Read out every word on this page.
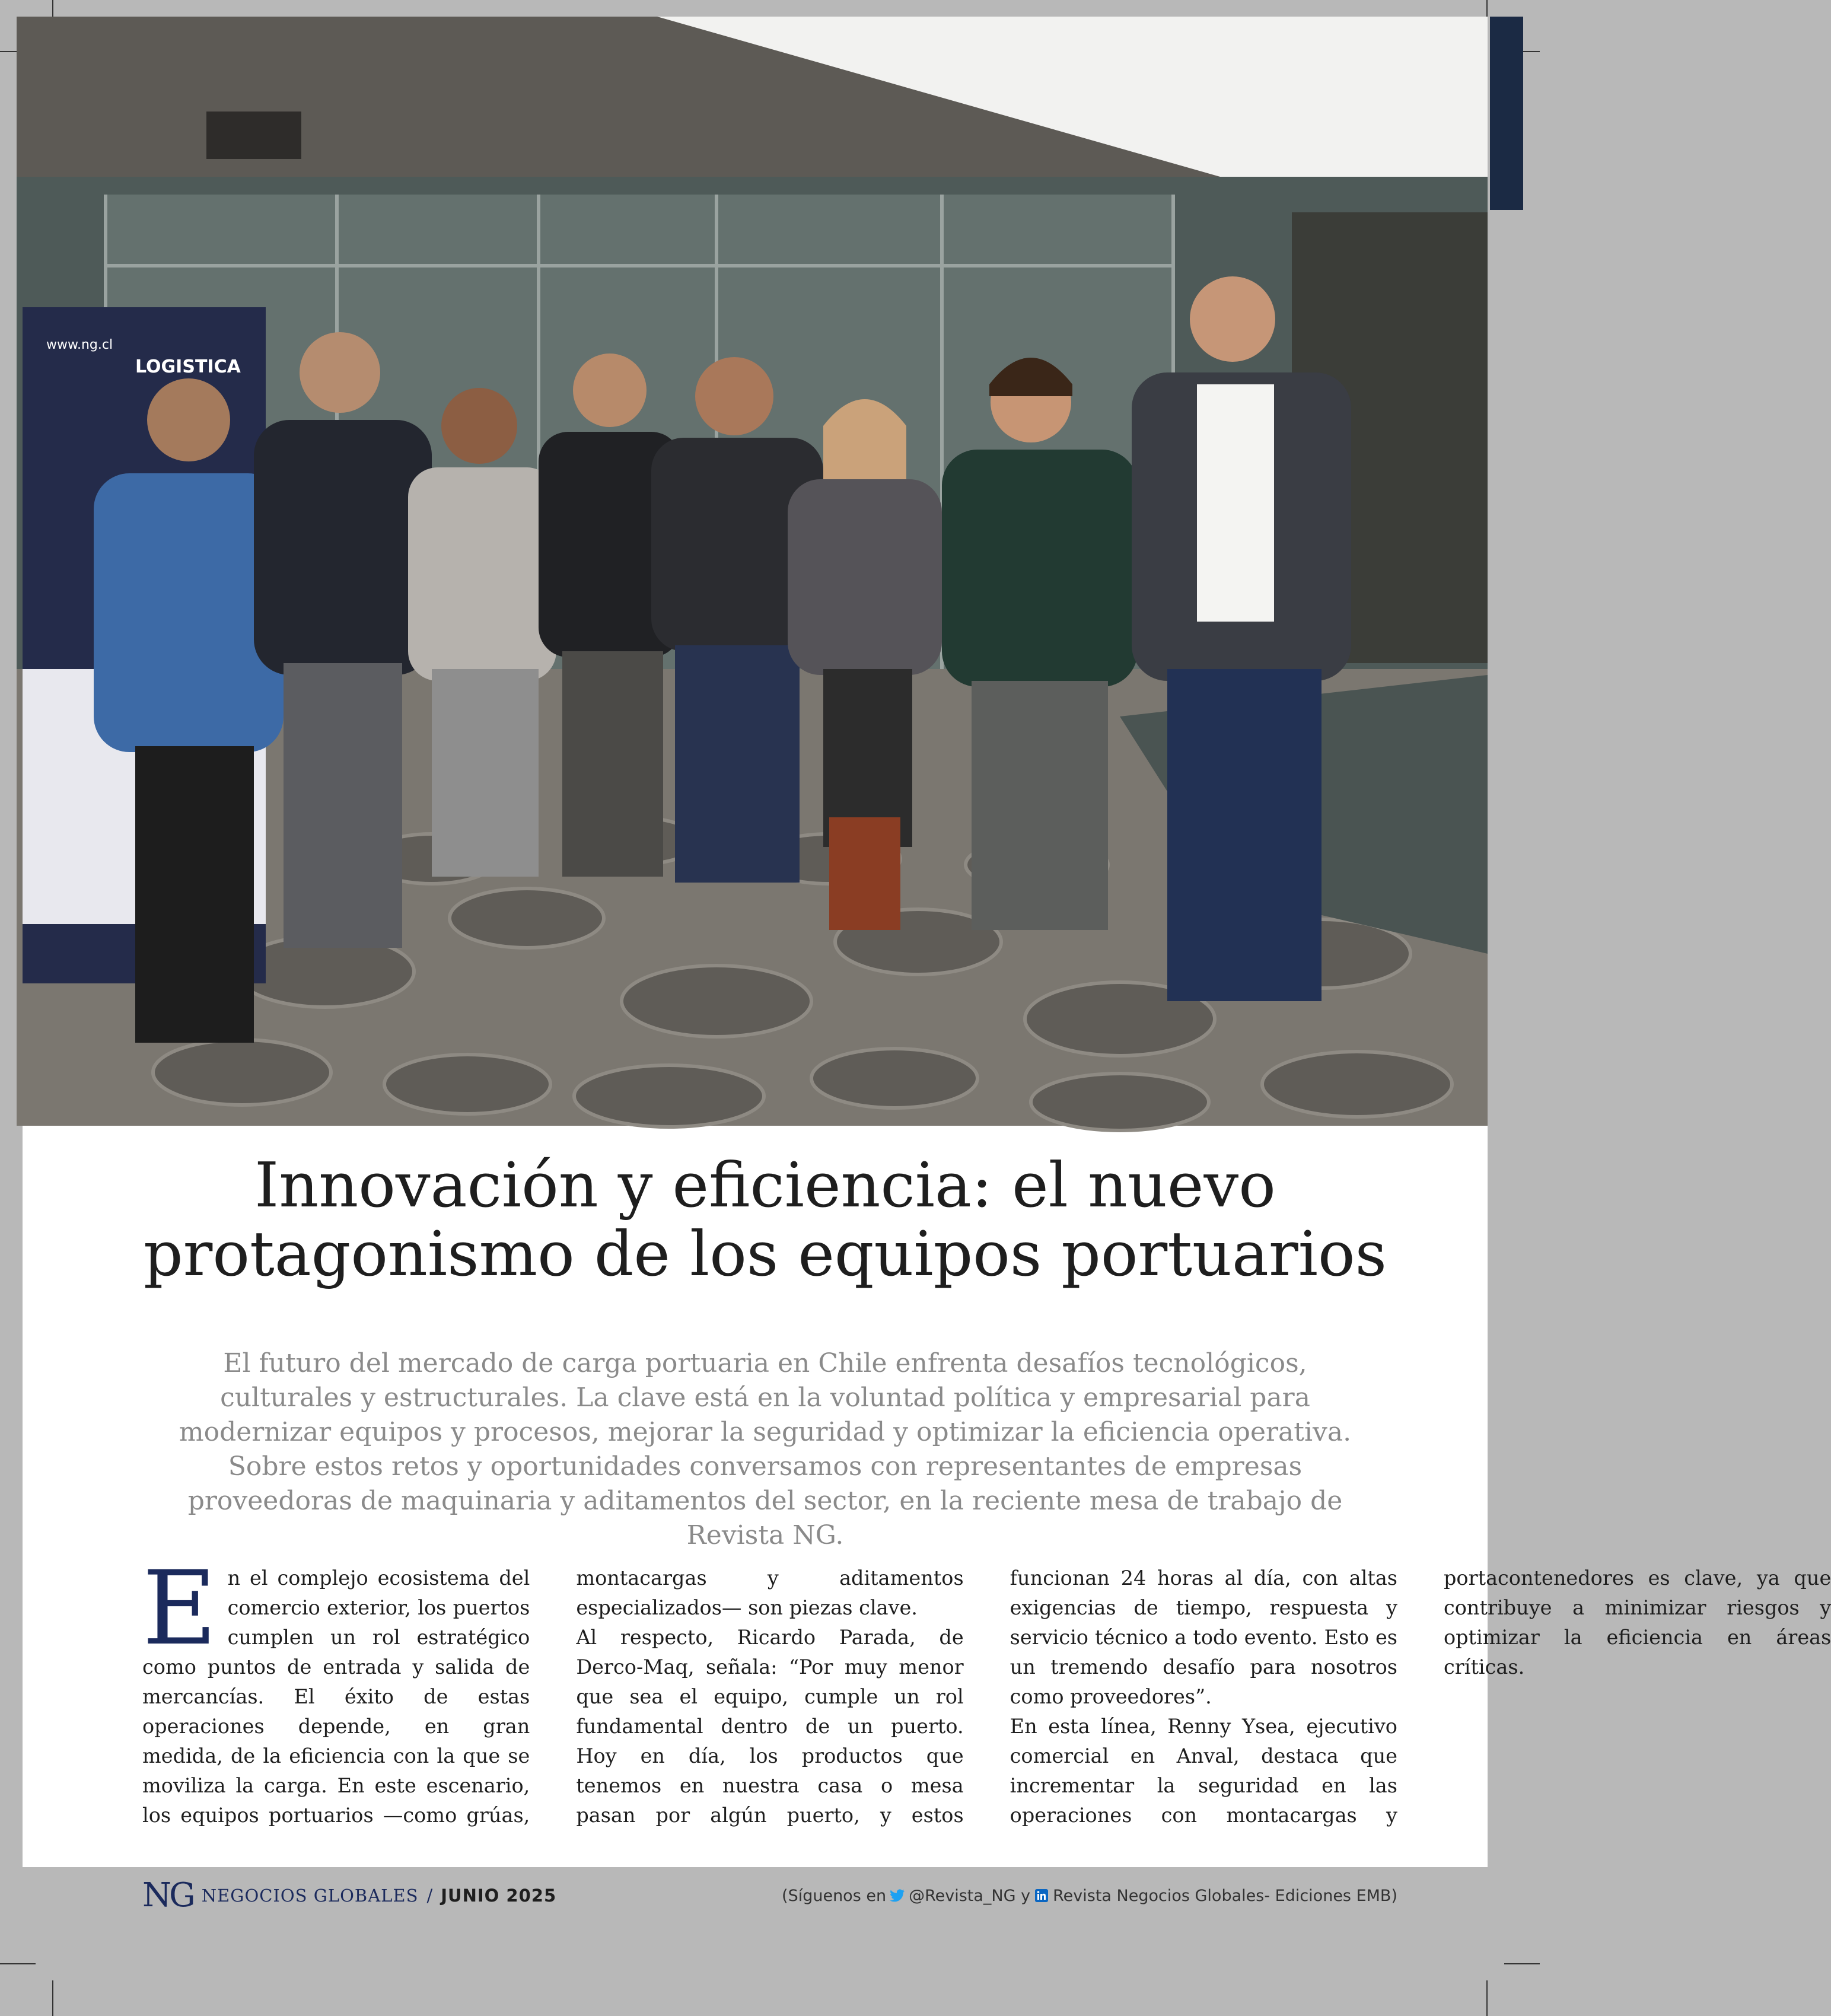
www.ng.cl
LOGISTICA
Innovación y eficiencia: el nuevo
protagonismo de los equipos portuarios

El futuro del mercado de carga portuaria en Chile enfrenta desafíos tecnológicos, culturales y estructurales. La clave está en la voluntad política y empresarial para modernizar equipos y procesos, mejorar la seguridad y optimizar la eficiencia operativa. Sobre estos retos y oportunidades conversamos con representantes de empresas proveedoras de maquinaria y aditamentos del sector, en la reciente mesa de trabajo de Revista NG.

En el complejo ecosistema del comercio exterior, los puertos cumplen un rol estratégico como puntos de entrada y salida de mercancías. El éxito de estas operaciones depende, en gran medida, de la eficiencia con la que se moviliza la carga. En este escenario, los equipos portuarios —como grúas, montacargas y aditamentos especializados— son piezas clave.

Al respecto, Ricardo Parada, de Derco-Maq, señala: “Por muy menor que sea el equipo, cumple un rol fundamental dentro de un puerto. Hoy en día, los productos que tenemos en nuestra casa o mesa pasan por algún puerto, y estos funcionan 24 horas al día, con altas exigencias de tiempo, respuesta y servicio técnico a todo evento. Esto es un tremendo desafío para nosotros como proveedores”.

En esta línea, Renny Ysea, ejecutivo comercial en Anval, destaca que incrementar la seguridad en las operaciones con montacargas y portacontenedores es clave, ya que contribuye a minimizar riesgos y optimizar la eficiencia en áreas críticas.

NG NEGOCIOS GLOBALES / JUNIO 2025	(Síguenos en @Revista_NG y Revista Negocios Globales- Ediciones EMB)
